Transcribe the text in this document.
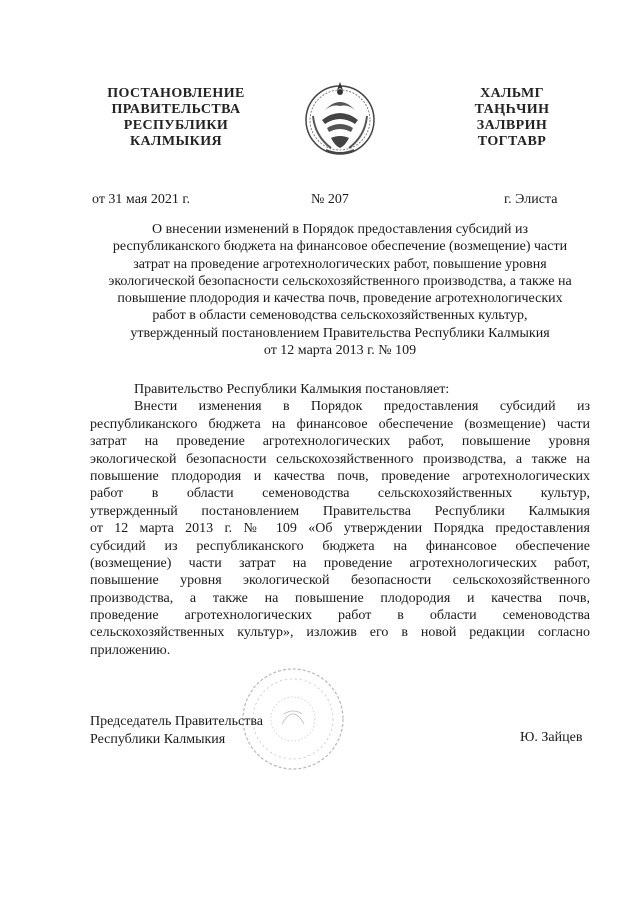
ПОСТАНОВЛЕНИЕ
ПРАВИТЕЛЬСТВА
РЕСПУБЛИКИ
КАЛМЫКИЯ
ХАЛЬМГ
ТАҢҺЧИН
ЗАЛВРИН
ТОГТАВР
от 31 мая 2021 г.	№ 207	г. Элиста
О внесении изменений в Порядок предоставления субсидий из
республиканского бюджета на финансовое обеспечение (возмещение) части
затрат на проведение агротехнологических работ, повышение уровня
экологической безопасности сельскохозяйственного производства, а также на
повышение плодородия и качества почв, проведение агротехнологических
работ в области семеноводства сельскохозяйственных культур,
утвержденный постановлением Правительства Республики Калмыкия
от 12 марта 2013 г. № 109
Правительство Республики Калмыкия постановляет:
Внести изменения в Порядок предоставления субсидий из
республиканского бюджета на финансовое обеспечение (возмещение) части
затрат на проведение агротехнологических работ, повышение уровня
экологической безопасности сельскохозяйственного производства, а также на
повышение плодородия и качества почв, проведение агротехнологических
работ в области семеноводства сельскохозяйственных культур,
утвержденный постановлением Правительства Республики Калмыкия
от 12 марта 2013 г. № 109 «Об утверждении Порядка предоставления
субсидий из республиканского бюджета на финансовое обеспечение
(возмещение) части затрат на проведение агротехнологических работ,
повышение уровня экологической безопасности сельскохозяйственного
производства, а также на повышение плодородия и качества почв,
проведение агротехнологических работ в области семеноводства
сельскохозяйственных культур», изложив его в новой редакции согласно
приложению.
Председатель Правительства
Республики Калмыкия	Ю. Зайцев
